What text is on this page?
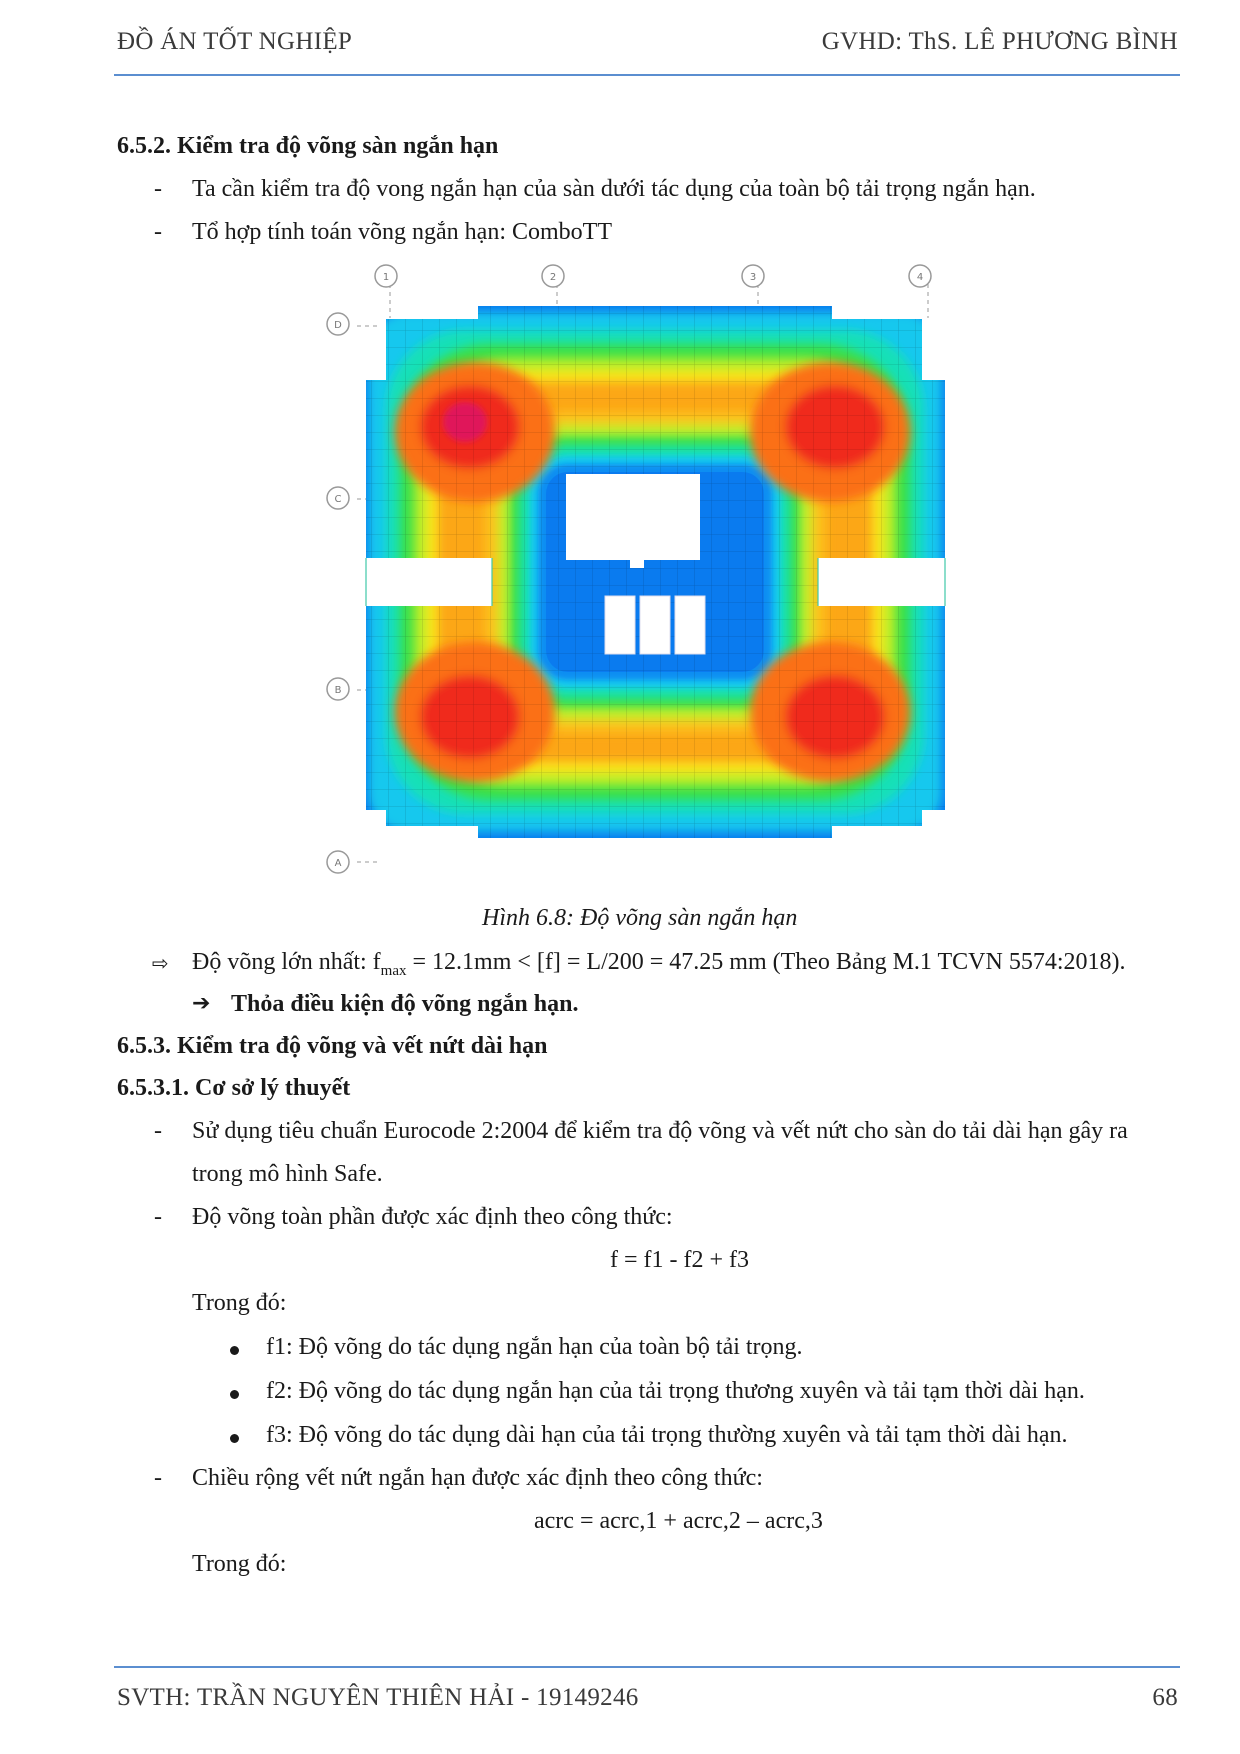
ĐỒ ÁN TỐT NGHIỆP	GVHD: ThS. LÊ PHƯƠNG BÌNH
6.5.2. Kiểm tra độ võng sàn ngắn hạn
- Ta cần kiểm tra độ vong ngắn hạn của sàn dưới tác dụng của toàn bộ tải trọng ngắn hạn.
- Tổ hợp tính toán võng ngắn hạn: ComboTT
1	2	3	4
D
C
B
A
Hình 6.8: Độ võng sàn ngắn hạn
⇨ Độ võng lớn nhất: $f_{max} = 12.1mm < [f] = L/200 = 47.25$ mm (Theo Bảng M.1 TCVN 5574:2018).
➔ Thỏa điều kiện độ võng ngắn hạn.
6.5.3. Kiểm tra độ võng và vết nứt dài hạn
6.5.3.1. Cơ sở lý thuyết
- Sử dụng tiêu chuẩn Eurocode 2:2004 để kiểm tra độ võng và vết nứt cho sàn do tải dài hạn gây ra
trong mô hình Safe.
- Độ võng toàn phần được xác định theo công thức:
f = f1 - f2 + f3
Trong đó:
f1: Độ võng do tác dụng ngắn hạn của toàn bộ tải trọng.
f2: Độ võng do tác dụng ngắn hạn của tải trọng thương xuyên và tải tạm thời dài hạn.
f3: Độ võng do tác dụng dài hạn của tải trọng thường xuyên và tải tạm thời dài hạn.
- Chiều rộng vết nứt ngắn hạn được xác định theo công thức:
acrc = acrc,1 + acrc,2 – acrc,3
Trong đó:
SVTH: TRẦN NGUYÊN THIÊN HẢI - 19149246	68
